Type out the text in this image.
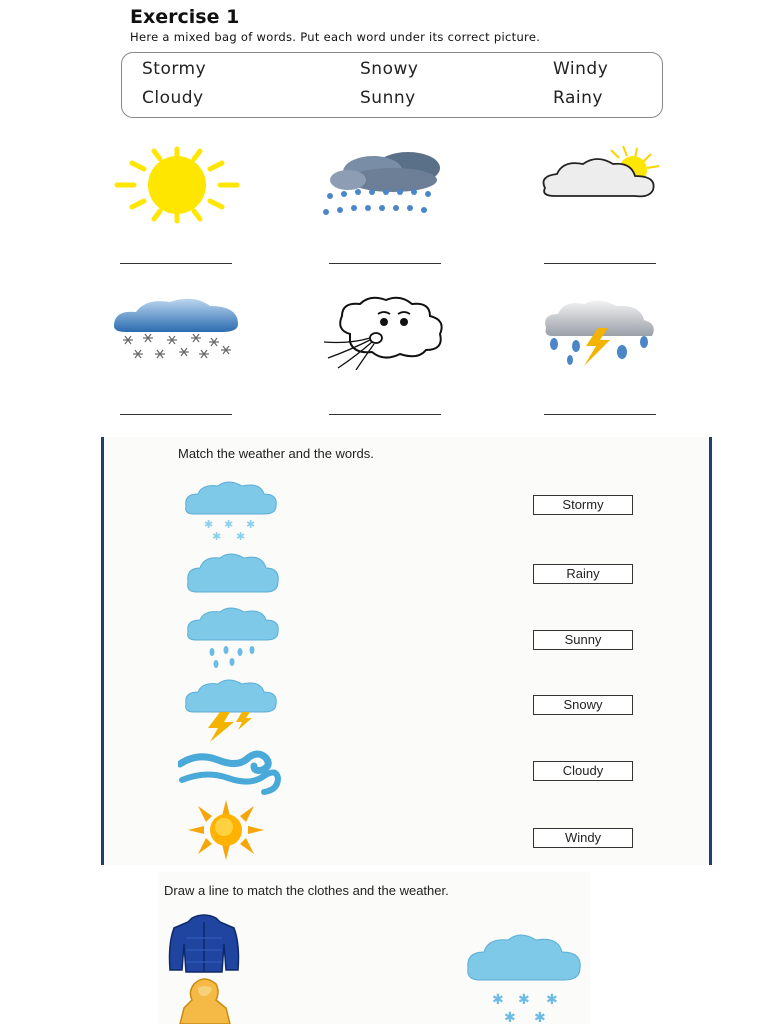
Exercise 1
Here a mixed bag of words. Put each word under its correct picture.
Stormy	Snowy	Windy
Cloudy	Sunny	Rainy
Match the weather and the words.
✱ ✱ ✱
✱ ✱
Stormy
Rainy
Sunny
Snowy
Cloudy
Windy
Draw a line to match the clothes and the weather.
✱ ✱ ✱
✱ ✱
